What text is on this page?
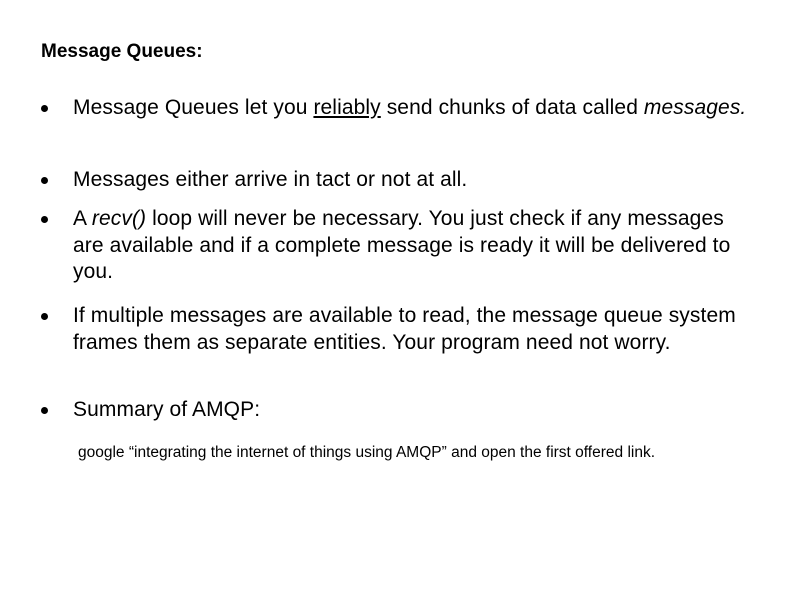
Message Queues:
Message Queues let you reliably send chunks of data called messages.
Messages either arrive in tact or not at all.
A recv() loop will never be necessary. You just check if any messages are available and if a complete message is ready it will be delivered to you.
If multiple messages are available to read, the message queue system frames them as separate entities. Your program need not worry.
Summary of AMQP:
google “integrating the internet of things using AMQP” and open the first offered link.
